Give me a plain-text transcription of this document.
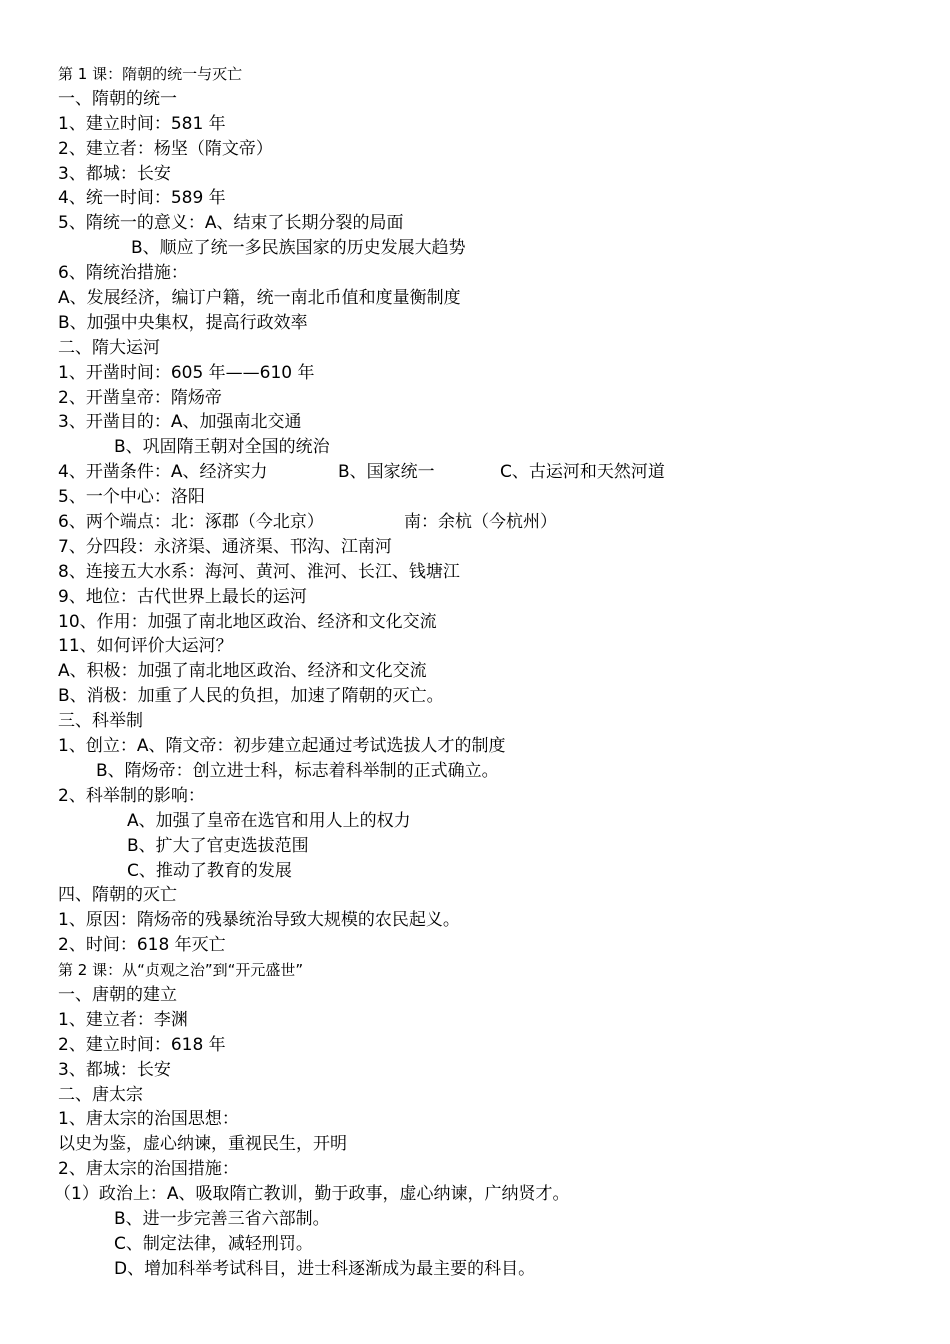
第 1 课：隋朝的统一与灭亡
一、隋朝的统一
1、建立时间：581 年
2、建立者：杨坚（隋文帝）
3、都城：长安
4、统一时间：589 年
5、隋统一的意义：A、结束了长期分裂的局面
B、顺应了统一多民族国家的历史发展大趋势
6、隋统治措施：
A、发展经济，编订户籍，统一南北币值和度量衡制度
B、加强中央集权，提高行政效率
二、隋大运河
1、开凿时间：605 年——610 年
2、开凿皇帝：隋炀帝
3、开凿目的：A、加强南北交通
B、巩固隋王朝对全国的统治
4、开凿条件：A、经济实力	B、国家统一	C、古运河和天然河道
5、一个中心：洛阳
6、两个端点：北：涿郡（今北京）	南：余杭（今杭州）
7、分四段：永济渠、通济渠、邗沟、江南河
8、连接五大水系：海河、黄河、淮河、长江、钱塘江
9、地位：古代世界上最长的运河
10、作用：加强了南北地区政治、经济和文化交流
11、如何评价大运河？
A、积极：加强了南北地区政治、经济和文化交流
B、消极：加重了人民的负担，加速了隋朝的灭亡。
三、科举制
1、创立：A、隋文帝：初步建立起通过考试选拔人才的制度
B、隋炀帝：创立进士科，标志着科举制的正式确立。
2、科举制的影响：
A、加强了皇帝在选官和用人上的权力
B、扩大了官吏选拔范围
C、推动了教育的发展
四、隋朝的灭亡
1、原因：隋炀帝的残暴统治导致大规模的农民起义。
2、时间：618 年灭亡
第 2 课：从“贞观之治”到“开元盛世”
一、唐朝的建立
1、建立者：李渊
2、建立时间：618 年
3、都城：长安
二、唐太宗
1、唐太宗的治国思想：
以史为鉴，虚心纳谏，重视民生，开明
2、唐太宗的治国措施：
（1）政治上：A、吸取隋亡教训，勤于政事，虚心纳谏，广纳贤才。
B、进一步完善三省六部制。
C、制定法律，减轻刑罚。
D、增加科举考试科目，进士科逐渐成为最主要的科目。
